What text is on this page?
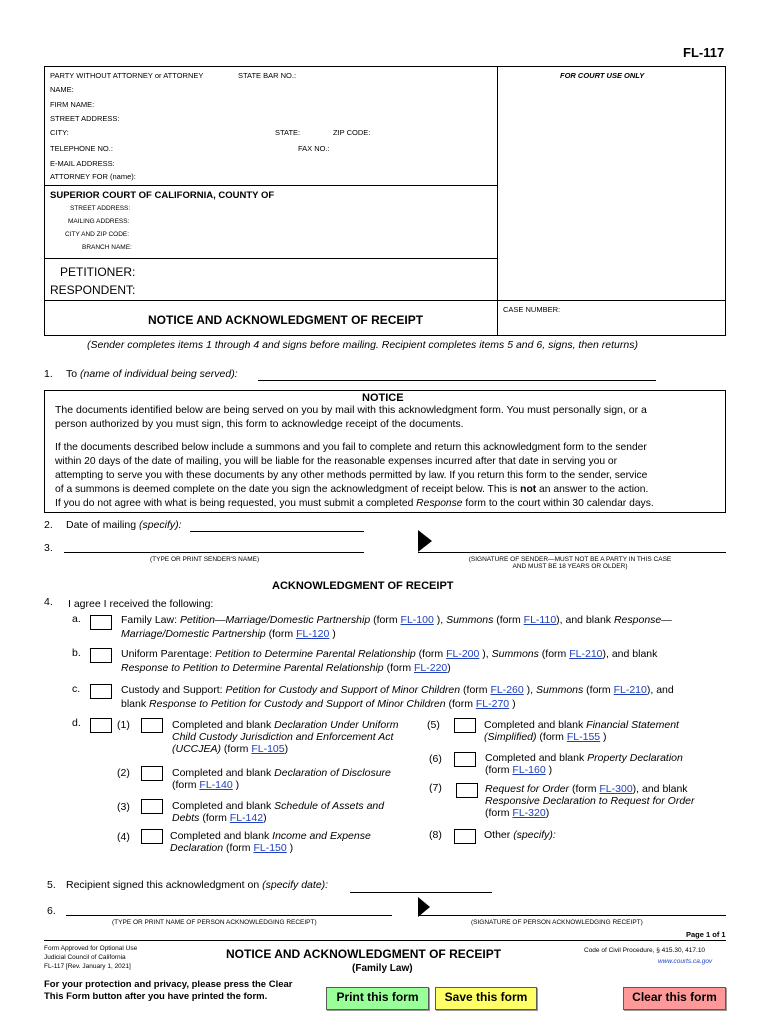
FL-117
PARTY WITHOUT ATTORNEY or ATTORNEY	STATE BAR NO.:	FOR COURT USE ONLY
NAME:
FIRM NAME:
STREET ADDRESS:
CITY:	STATE:	ZIP CODE:
TELEPHONE NO.:	FAX NO.:
E-MAIL ADDRESS:
ATTORNEY FOR (name):
SUPERIOR COURT OF CALIFORNIA, COUNTY OF
STREET ADDRESS:
MAILING ADDRESS:
CITY AND ZIP CODE:
BRANCH NAME:
PETITIONER:
RESPONDENT:
CASE NUMBER:
NOTICE AND ACKNOWLEDGMENT OF RECEIPT
(Sender completes items 1 through 4 and signs before mailing. Recipient completes items 5 and 6, signs, then returns)
1. To (name of individual being served):
NOTICE
The documents identified below are being served on you by mail with this acknowledgment form. You must personally sign, or a
person authorized by you must sign, this form to acknowledge receipt of the documents.
If the documents described below include a summons and you fail to complete and return this acknowledgment form to the sender
within 20 days of the date of mailing, you will be liable for the reasonable expenses incurred after that date in serving you or
attempting to serve you with these documents by any other methods permitted by law. If you return this form to the sender, service
of a summons is deemed complete on the date you sign the acknowledgment of receipt below. This is not an answer to the action.
If you do not agree with what is being requested, you must submit a completed Response form to the court within 30 calendar days.
2. Date of mailing (specify):
3.
(TYPE OR PRINT SENDER'S NAME)	(SIGNATURE OF SENDER—MUST NOT BE A PARTY IN THIS CASE
AND MUST BE 18 YEARS OR OLDER)
ACKNOWLEDGMENT OF RECEIPT
4. I agree I received the following:
a.	Family Law: Petition—Marriage/Domestic Partnership (form FL-100 ), Summons (form FL-110), and blank Response—
Marriage/Domestic Partnership (form FL-120 )
b.	Uniform Parentage: Petition to Determine Parental Relationship (form FL-200 ), Summons (form FL-210), and blank
Response to Petition to Determine Parental Relationship (form FL-220)
c.	Custody and Support: Petition for Custody and Support of Minor Children (form FL-260 ), Summons (form FL-210), and
blank Response to Petition for Custody and Support of Minor Children (form FL-270 )
d.	(1)	Completed and blank Declaration Under Uniform
Child Custody Jurisdiction and Enforcement Act
(UCCJEA) (form FL-105)
(2)	Completed and blank Declaration of Disclosure
(form FL-140 )
(3)	Completed and blank Schedule of Assets and
Debts (form FL-142)
(4)	Completed and blank Income and Expense
Declaration (form FL-150 )
(5)	Completed and blank Financial Statement
(Simplified) (form FL-155 )
(6)	Completed and blank Property Declaration
(form FL-160 )
(7)	Request for Order (form FL-300), and blank
Responsive Declaration to Request for Order
(form FL-320)
(8)	Other (specify):
5. Recipient signed this acknowledgment on (specify date):
6.
(TYPE OR PRINT NAME OF PERSON ACKNOWLEDGING RECEIPT)	(SIGNATURE OF PERSON ACKNOWLEDGING RECEIPT)
Page 1 of 1
Form Approved for Optional Use
Judicial Council of California
FL-117 [Rev. January 1, 2021]
NOTICE AND ACKNOWLEDGMENT OF RECEIPT
(Family Law)
Code of Civil Procedure, § 415.30, 417.10
www.courts.ca.gov
For your protection and privacy, please press the Clear
This Form button after you have printed the form.	Print this form	Save this form	Clear this form
